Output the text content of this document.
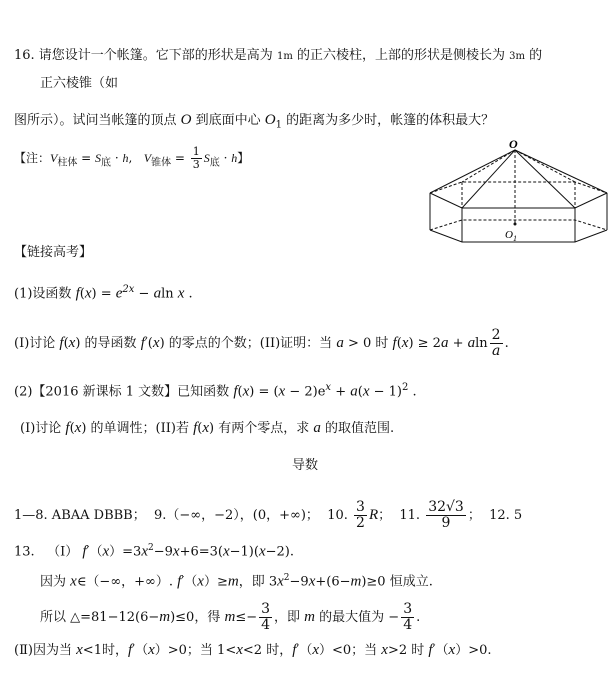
16. 请您设计一个帐篷。它下部的形状是高为 1m 的正六棱柱，上部的形状是侧棱长为 3m 的
正六棱锥（如
图所示）。试问当帐篷的顶点 O 到底面中心 $O_1$ 的距离为多少时，帐篷的体积最大？
【注：$V_{柱体} = S_底 \cdot h$,   $V_{锥体} = \frac{1}{3} S_底 \cdot h$】
O
$O_1$
【链接高考】
(1)设函数 $f(x) = e^{2x} - aln$ x .
(I)讨论 f(x) 的导函数 f′(x) 的零点的个数；(II)证明：当 a > 0 时 f(x) ≥ 2a + aln $\frac{2}{a}$ .
(2)【2016 新课标 1 文数】已知函数 $f(x) = (x - 2)e^x + a(x - 1)^2$ .
(I)讨论 f(x) 的单调性；(II)若 f(x) 有两个零点，求 a 的取值范围.
导数
1—8. ABAA DBBB；  9.（−∞，−2），(0，+∞)；  10. $\frac{3}{2}$ R；  11. $\frac{32√3}{9}$ ；  12. 5
13.   （Ⅰ） $f'(x)=3x^2-9x+6=3(x-1)(x-2)$.
因为 x∈（−∞，+∞）. f′（x）≥m，即 $3x^2-9x+(6-m)\ge 0$ 恒成立.
所以 △=81−12(6−m)≤0，得 $m\le- \frac{3}{4}$ ，即 m 的最大值为 − $\frac{3}{4}$ .
(Ⅱ)因为当 x<1时，f′（x）>0；当 1<x<2 时，f′（x）<0；当 x>2 时 f′（x）>0.
